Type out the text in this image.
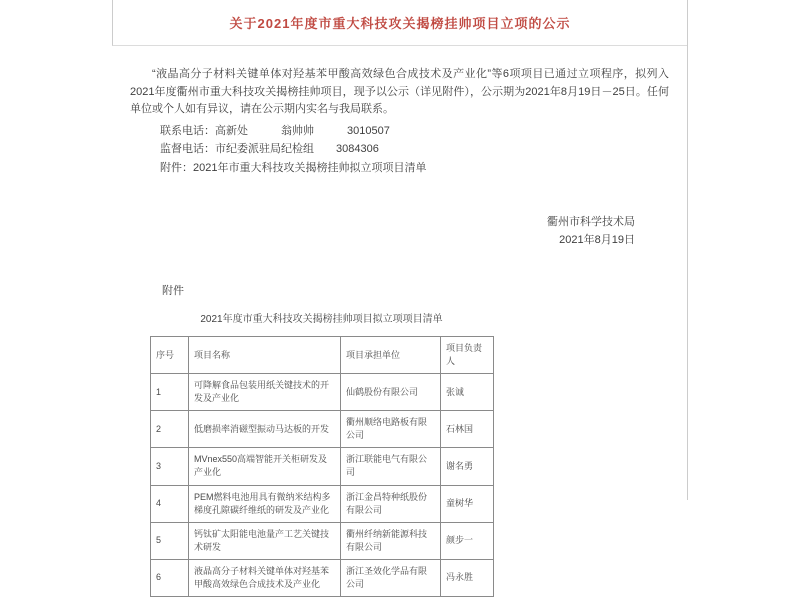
关于2021年度市重大科技攻关揭榜挂帅项目立项的公示

“液晶高分子材料关键单体对羟基苯甲酸高效绿色合成技术及产业化”等6项项目已通过立项程序，拟列入2021年度衢州市重大科技攻关揭榜挂帅项目，现予以公示（详见附件），公示期为2021年8月19日－25日。任何单位或个人如有异议，请在公示期内实名与我局联系。

联系电话：高新处　　　翁帅帅　　　3010507
监督电话：市纪委派驻局纪检组　　3084306
附件：2021年市重大科技攻关揭榜挂帅拟立项项目清单
衢州市科学技术局
2021年8月19日
附件
2021年度市重大科技攻关揭榜挂帅项目拟立项项目清单
序号	项目名称	项目承担单位	项目负责人
1	可降解食品包装用纸关键技术的开发及产业化	仙鹤股份有限公司	张诚
2	低磨损率消磁型振动马达板的开发	衢州顺络电路板有限公司	石林国
3	MVnex550高端智能开关柜研发及产业化	浙江联能电气有限公司	谢名勇
4	PEM燃料电池用具有微纳米结构多梯度孔隙碳纤维纸的研发及产业化	浙江金昌特种纸股份有限公司	童树华
5	钙钛矿太阳能电池量产工艺关键技术研发	衢州纤纳新能源科技有限公司	颜步一
6	液晶高分子材料关键单体对羟基苯甲酸高效绿色合成技术及产业化	浙江圣效化学品有限公司	冯永胜
